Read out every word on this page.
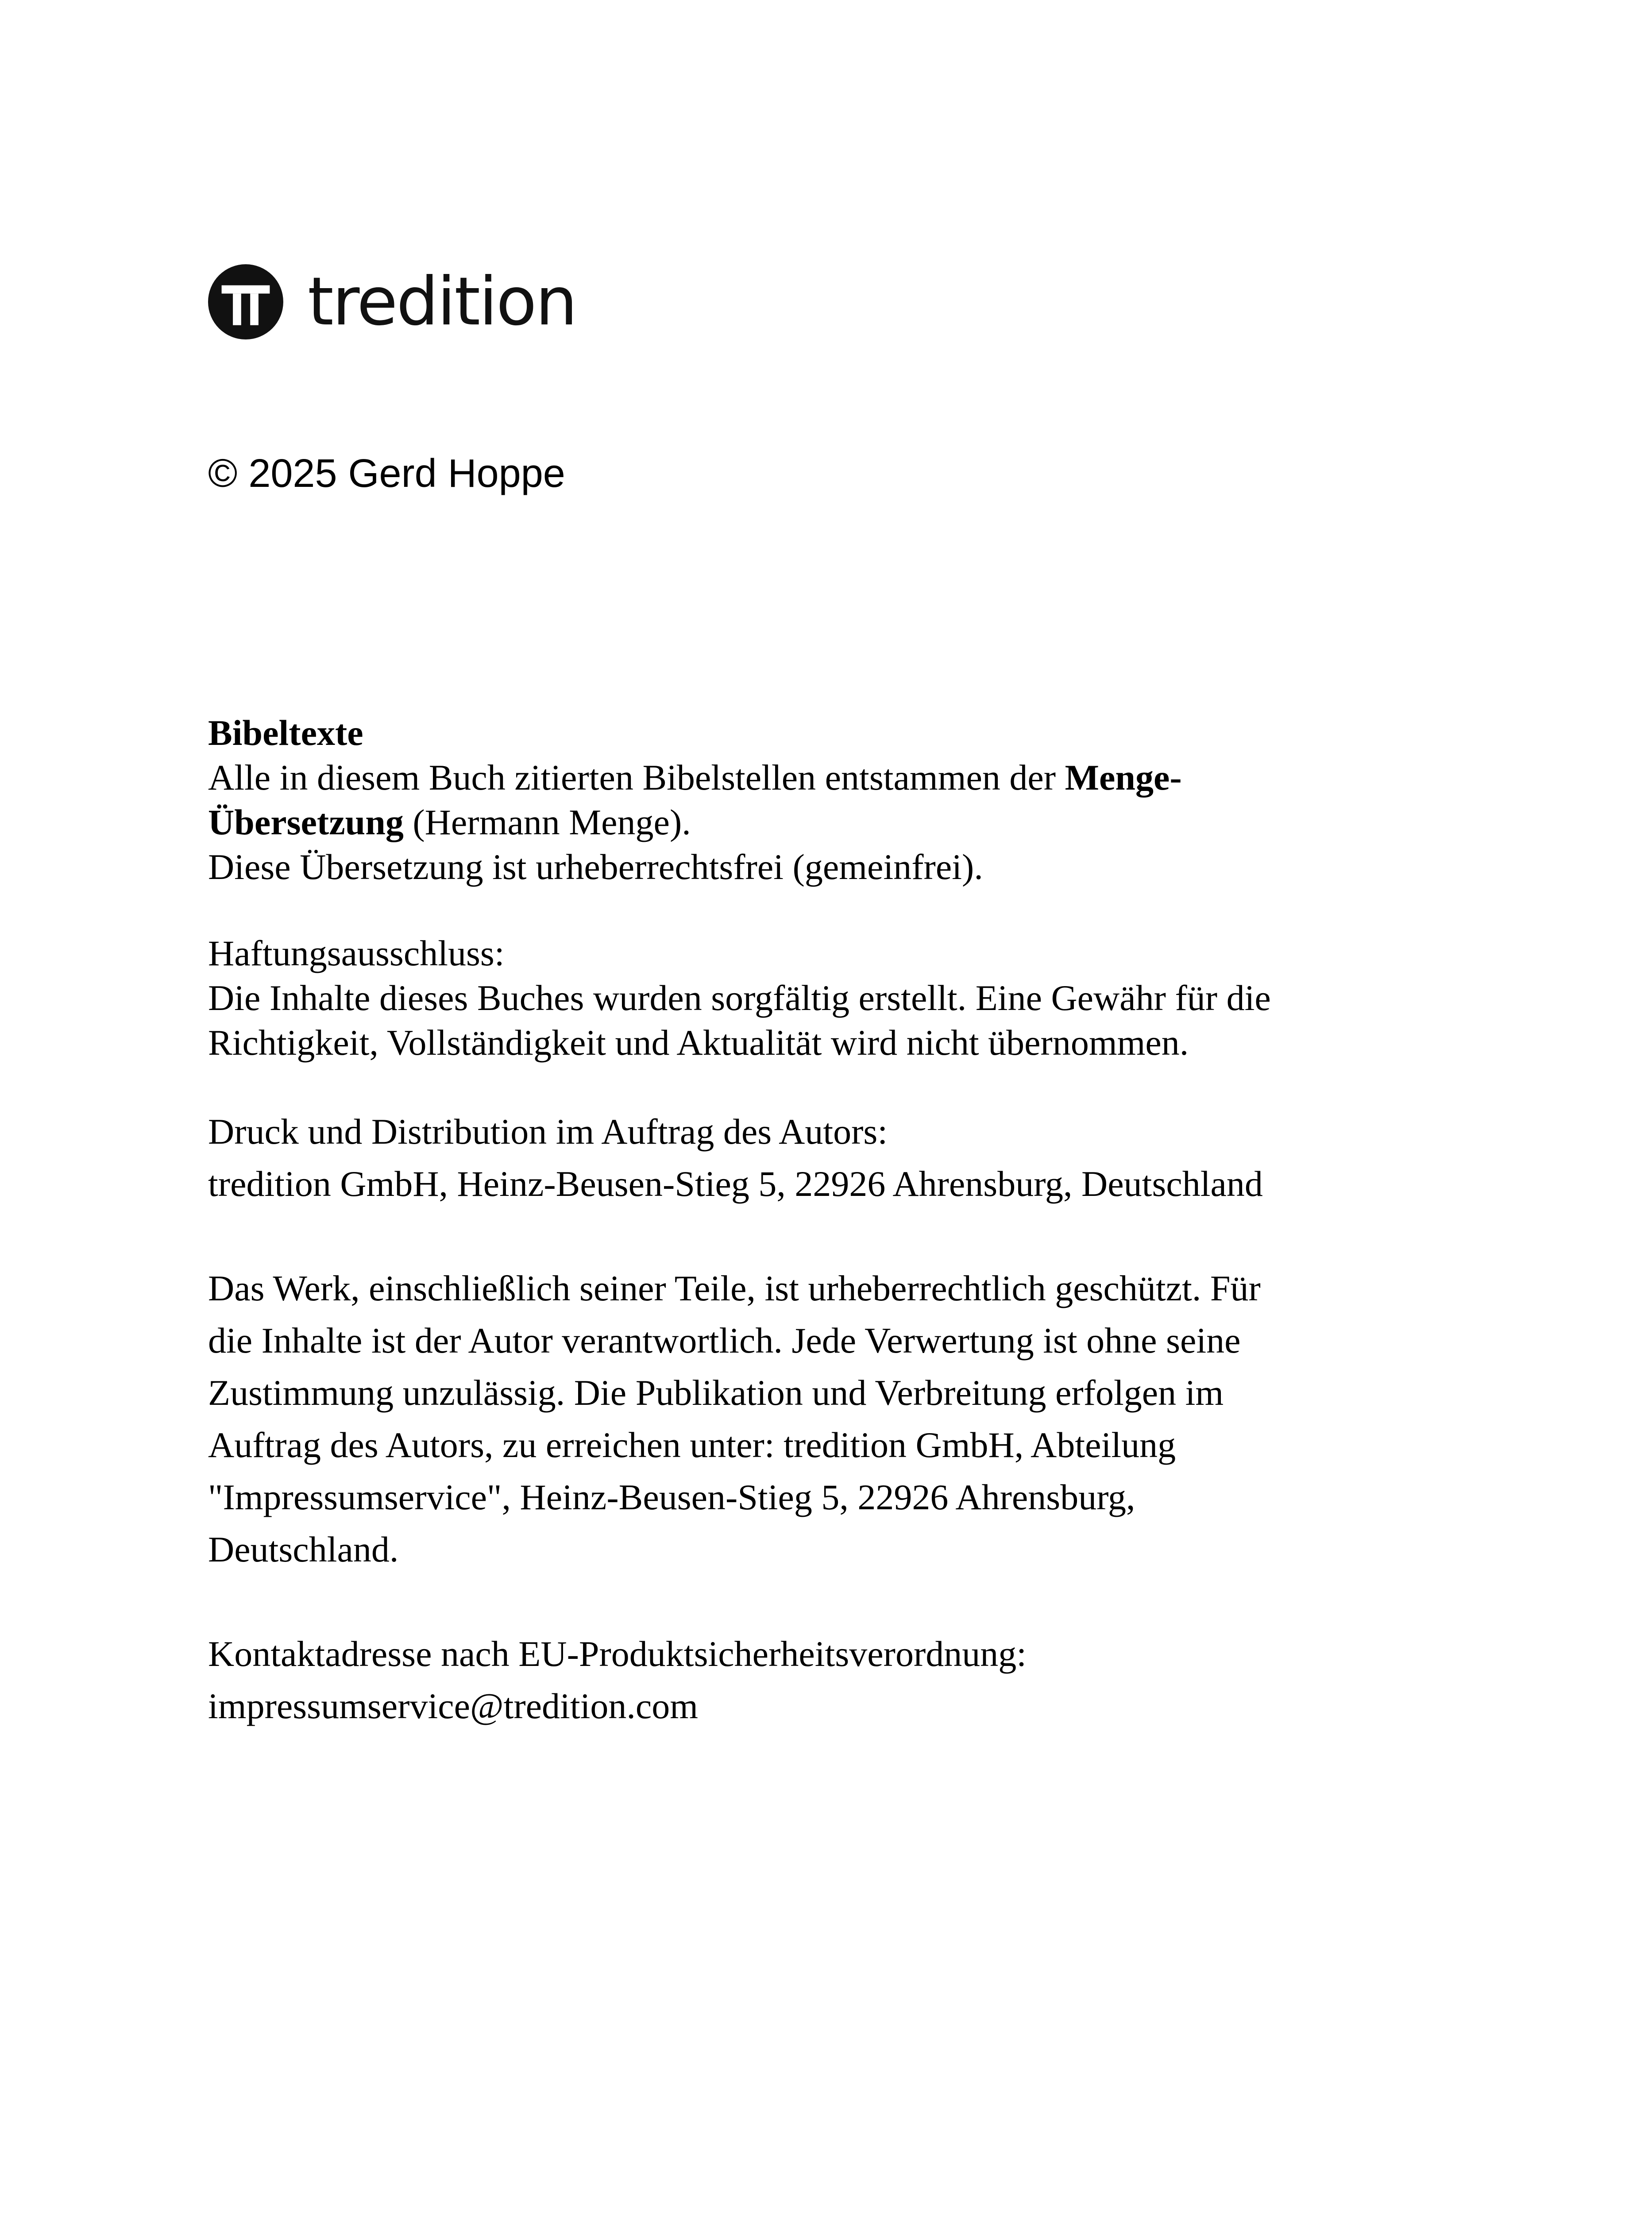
tredition
© 2025 Gerd Hoppe
Bibeltexte
Alle in diesem Buch zitierten Bibelstellen entstammen der Menge-
Übersetzung (Hermann Menge).
Diese Übersetzung ist urheberrechtsfrei (gemeinfrei).
Haftungsausschluss:
Die Inhalte dieses Buches wurden sorgfältig erstellt. Eine Gewähr für die
Richtigkeit, Vollständigkeit und Aktualität wird nicht übernommen.
Druck und Distribution im Auftrag des Autors:
tredition GmbH, Heinz-Beusen-Stieg 5, 22926 Ahrensburg, Deutschland
Das Werk, einschließlich seiner Teile, ist urheberrechtlich geschützt. Für
die Inhalte ist der Autor verantwortlich. Jede Verwertung ist ohne seine
Zustimmung unzulässig. Die Publikation und Verbreitung erfolgen im
Auftrag des Autors, zu erreichen unter: tredition GmbH, Abteilung
"Impressumservice", Heinz-Beusen-Stieg 5, 22926 Ahrensburg,
Deutschland.
Kontaktadresse nach EU-Produktsicherheitsverordnung:
impressumservice@tredition.com
